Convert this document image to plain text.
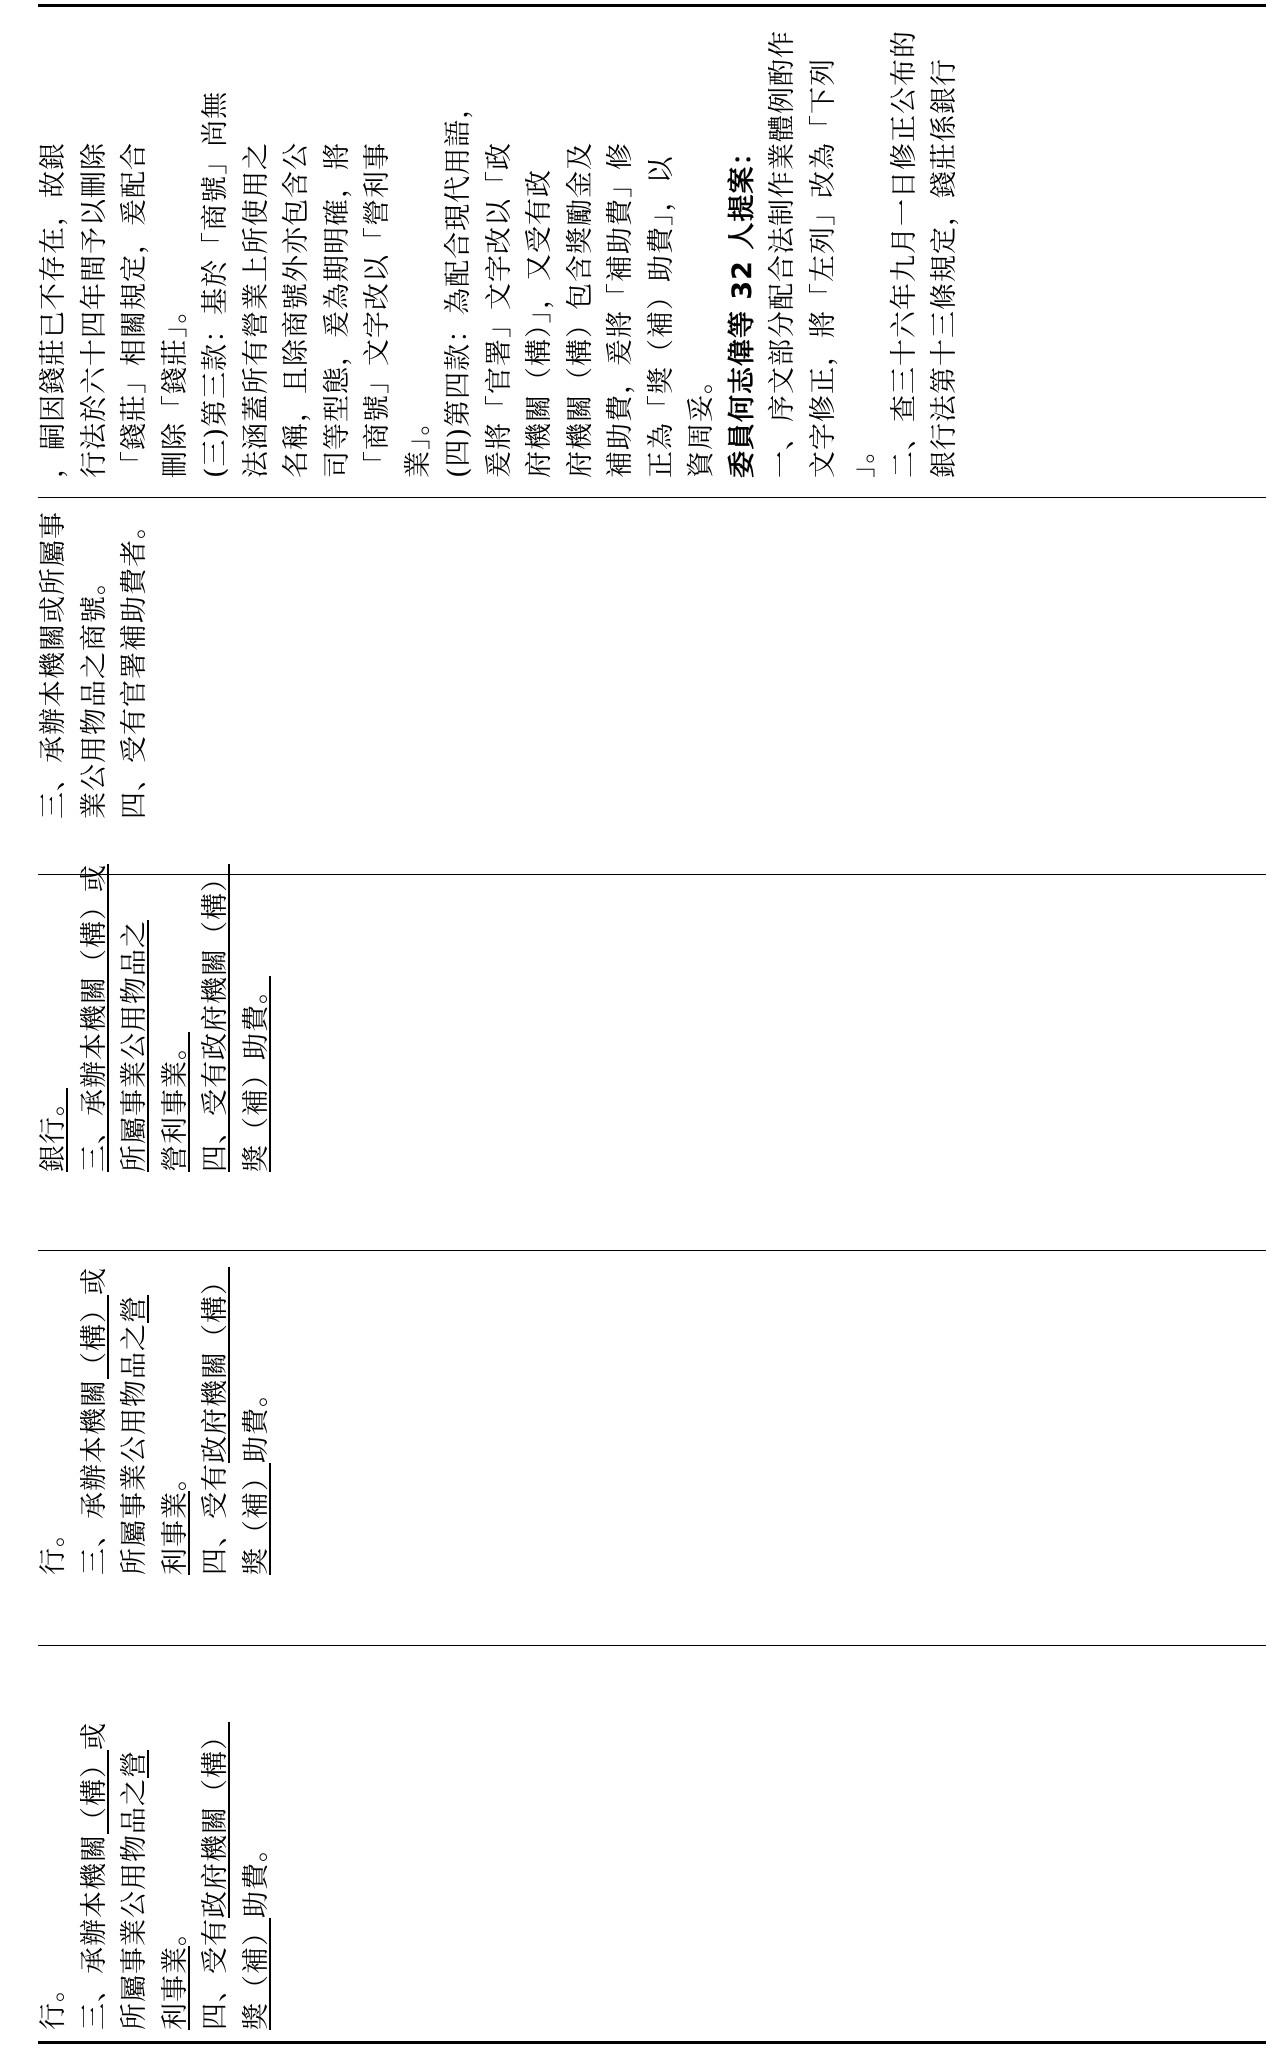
，嗣因錢莊已不存在，故銀 行法於六十四年間予以刪除 「錢莊」相關規定，爰配合 刪除「錢莊」。 (三)第三款：基於「商號」尚無 法涵蓋所有營業上所使用之 名稱，且除商號外亦包含公 司等型態，爰為期明確，將 「商號」文字改以「營利事 業」。 (四)第四款：為配合現代用語， 爰將「官署」文字改以「政 府機關（構）」，又受有政 府機關（構）包含獎勵金及 補助費，爰將「補助費」修 正為「獎（補）助費」，以 資周妥。 委員何志偉等 32 人提案： 一、序文部分配合法制作業體例酌作 文字修正，將「左列」改為「下列 」。 二、查三十六年九月一日修正公布的 銀行法第十三條規定，錢莊係銀行
三、承辦本機關或所屬事 業公用物品之商號。 四、受有官署補助費者。
銀行。 三、承辦本機關（構）或 所屬事業公用物品之 營利事業。 四、受有政府機關（構） 獎（補）助費。
行。 三、承辦本機關（構）或
所屬事業公用物品之營
利事業。 四、受有政府機關（構）
獎（補）助費。
行。 三、承辦本機關（構）或
所屬事業公用物品之營
利事業。 四、受有政府機關（構）
獎（補）助費。
